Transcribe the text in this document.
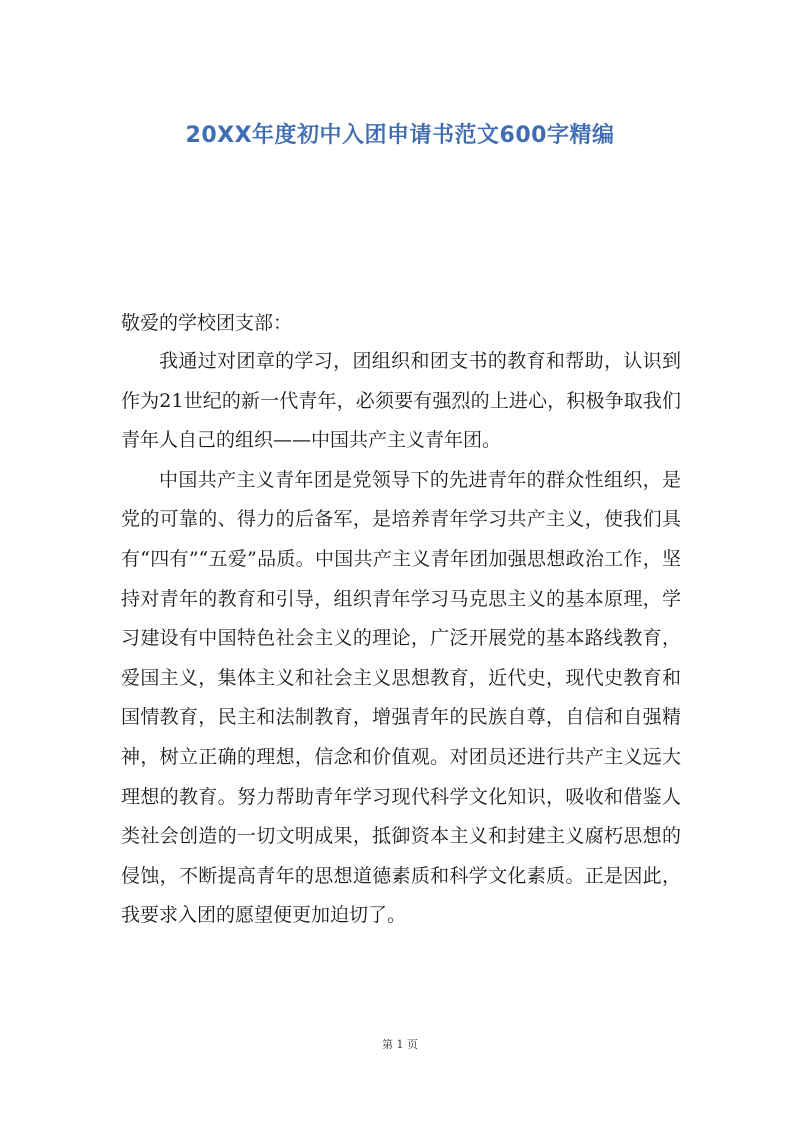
20XX年度初中入团申请书范文600字精编

敬爱的学校团支部：

我通过对团章的学习，团组织和团支书的教育和帮助，认识到作为21世纪的新一代青年，必须要有强烈的上进心，积极争取我们青年人自己的组织——中国共产主义青年团。

中国共产主义青年团是党领导下的先进青年的群众性组织，是党的可靠的、得力的后备军，是培养青年学习共产主义，使我们具有“四有”“五爱”品质。中国共产主义青年团加强思想政治工作，坚持对青年的教育和引导，组织青年学习马克思主义的基本原理，学习建设有中国特色社会主义的理论，广泛开展党的基本路线教育，爱国主义，集体主义和社会主义思想教育，近代史，现代史教育和国情教育，民主和法制教育，增强青年的民族自尊，自信和自强精神，树立正确的理想，信念和价值观。对团员还进行共产主义远大理想的教育。努力帮助青年学习现代科学文化知识，吸收和借鉴人类社会创造的一切文明成果，抵御资本主义和封建主义腐朽思想的侵蚀，不断提高青年的思想道德素质和科学文化素质。正是因此，我要求入团的愿望便更加迫切了。

第 1 页
